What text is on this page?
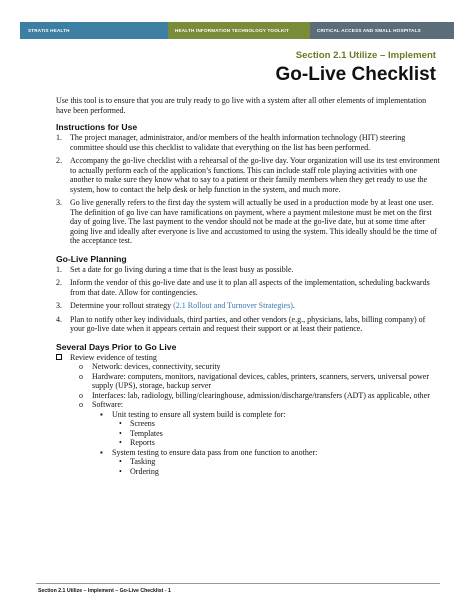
STRATIS HEALTH	HEALTH INFORMATION TECHNOLOGY TOOLKIT	CRITICAL ACCESS AND SMALL HOSPITALS
Section 2.1 Utilize – Implement
Go-Live Checklist

Use this tool is to ensure that you are truly ready to go live with a system after all other elements of implementation have been performed.

Instructions for Use
1. The project manager, administrator, and/or members of the health information technology (HIT) steering committee should use this checklist to validate that everything on the list has been performed.
2. Accompany the go-live checklist with a rehearsal of the go-live day. Your organization will use its test environment to actually perform each of the application’s functions. This can include staff role playing activities with one another to make sure they know what to say to a patient or their family members when they get ready to use the system, how to contact the help desk or help function in the system, and much more.
3. Go live generally refers to the first day the system will actually be used in a production mode by at least one user. The definition of go live can have ramifications on payment, where a payment milestone must be met on the first day of going live. The last payment to the vendor should not be made at the go-live date, but at some time after going live and ideally after everyone is live and accustomed to using the system. This ideally should be the time of the acceptance test.
Go-Live Planning
1. Set a date for go living during a time that is the least busy as possible.
2. Inform the vendor of this go-live date and use it to plan all aspects of the implementation, scheduling backwards from that date. Allow for contingencies.
3. Determine your rollout strategy (2.1 Rollout and Turnover Strategies).
4. Plan to notify other key individuals, third parties, and other vendors (e.g., physicians, labs, billing company) of your go-live date when it appears certain and request their support or at least their patience.
Several Days Prior to Go Live
Review evidence of testing
o Network: devices, connectivity, security
o Hardware: computers, monitors, navigational devices, cables, printers, scanners, servers, universal power supply (UPS), storage, backup server
o Interfaces: lab, radiology, billing/clearinghouse, admission/discharge/transfers (ADT) as applicable, other
o Software:
▪ Unit testing to ensure all system build is complete for:
• Screens
• Templates
• Reports
▪ System testing to ensure data pass from one function to another:
• Tasking
• Ordering
Section 2.1 Utilize – Implement – Go-Live Checklist - 1
